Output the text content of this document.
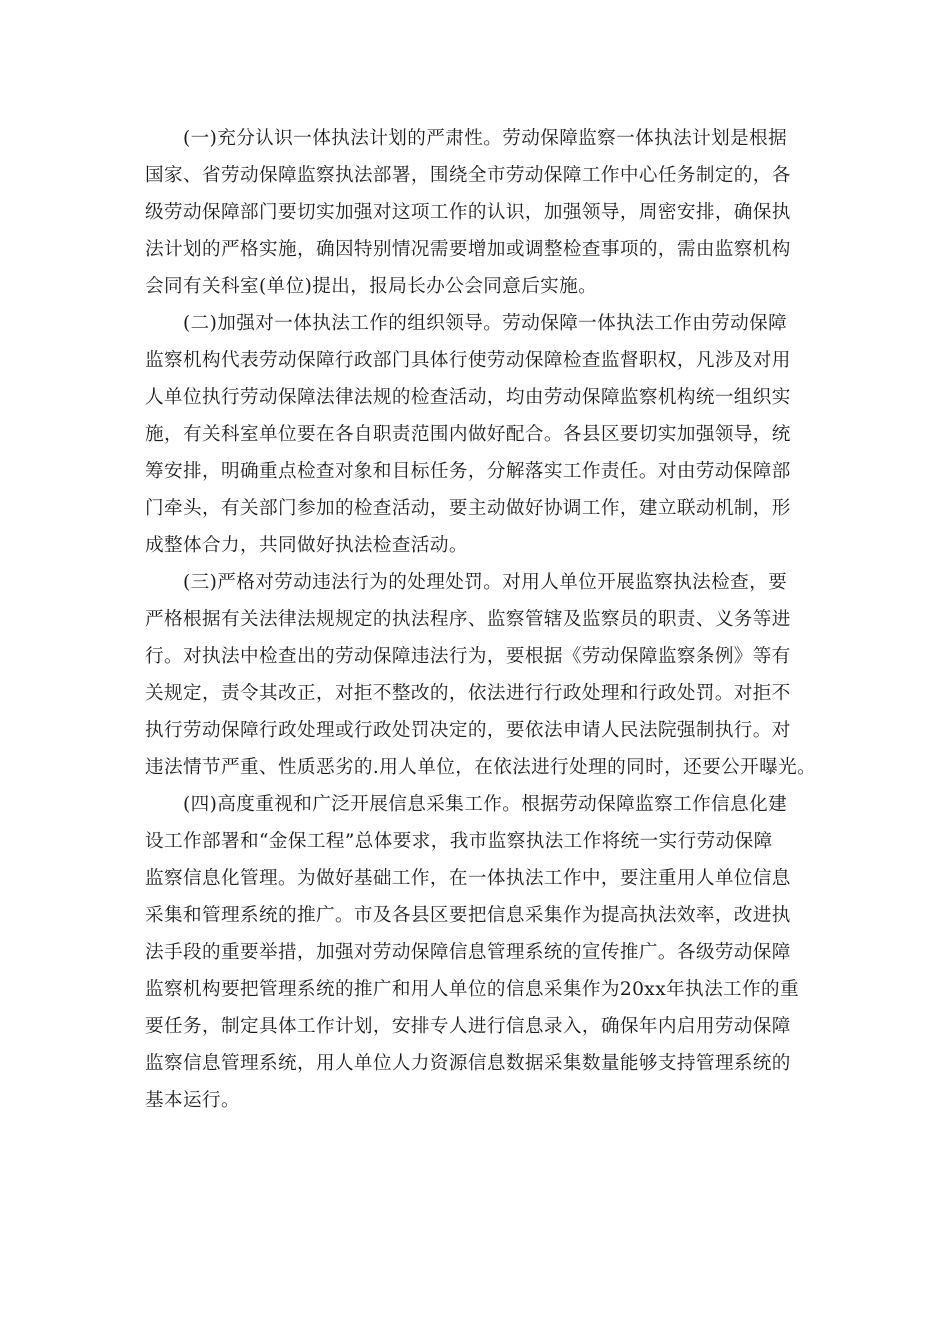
(一)充分认识一体执法计划的严肃性。劳动保障监察一体执法计划是根据
国家、省劳动保障监察执法部署，围绕全市劳动保障工作中心任务制定的，各
级劳动保障部门要切实加强对这项工作的认识，加强领导，周密安排，确保执
法计划的严格实施，确因特别情况需要增加或调整检查事项的，需由监察机构
会同有关科室(单位)提出，报局长办公会同意后实施。
(二)加强对一体执法工作的组织领导。劳动保障一体执法工作由劳动保障
监察机构代表劳动保障行政部门具体行使劳动保障检查监督职权，凡涉及对用
人单位执行劳动保障法律法规的检查活动，均由劳动保障监察机构统一组织实
施，有关科室单位要在各自职责范围内做好配合。各县区要切实加强领导，统
筹安排，明确重点检查对象和目标任务，分解落实工作责任。对由劳动保障部
门牵头，有关部门参加的检查活动，要主动做好协调工作，建立联动机制，形
成整体合力，共同做好执法检查活动。
(三)严格对劳动违法行为的处理处罚。对用人单位开展监察执法检查，要
严格根据有关法律法规规定的执法程序、监察管辖及监察员的职责、义务等进
行。对执法中检查出的劳动保障违法行为，要根据《劳动保障监察条例》等有
关规定，责令其改正，对拒不整改的，依法进行行政处理和行政处罚。对拒不
执行劳动保障行政处理或行政处罚决定的，要依法申请人民法院强制执行。对
违法情节严重、性质恶劣的.用人单位，在依法进行处理的同时，还要公开曝光。
(四)高度重视和广泛开展信息采集工作。根据劳动保障监察工作信息化建
设工作部署和“金保工程”总体要求，我市监察执法工作将统一实行劳动保障
监察信息化管理。为做好基础工作，在一体执法工作中，要注重用人单位信息
采集和管理系统的推广。市及各县区要把信息采集作为提高执法效率，改进执
法手段的重要举措，加强对劳动保障信息管理系统的宣传推广。各级劳动保障
监察机构要把管理系统的推广和用人单位的信息采集作为20xx年执法工作的重
要任务，制定具体工作计划，安排专人进行信息录入，确保年内启用劳动保障
监察信息管理系统，用人单位人力资源信息数据采集数量能够支持管理系统的
基本运行。
